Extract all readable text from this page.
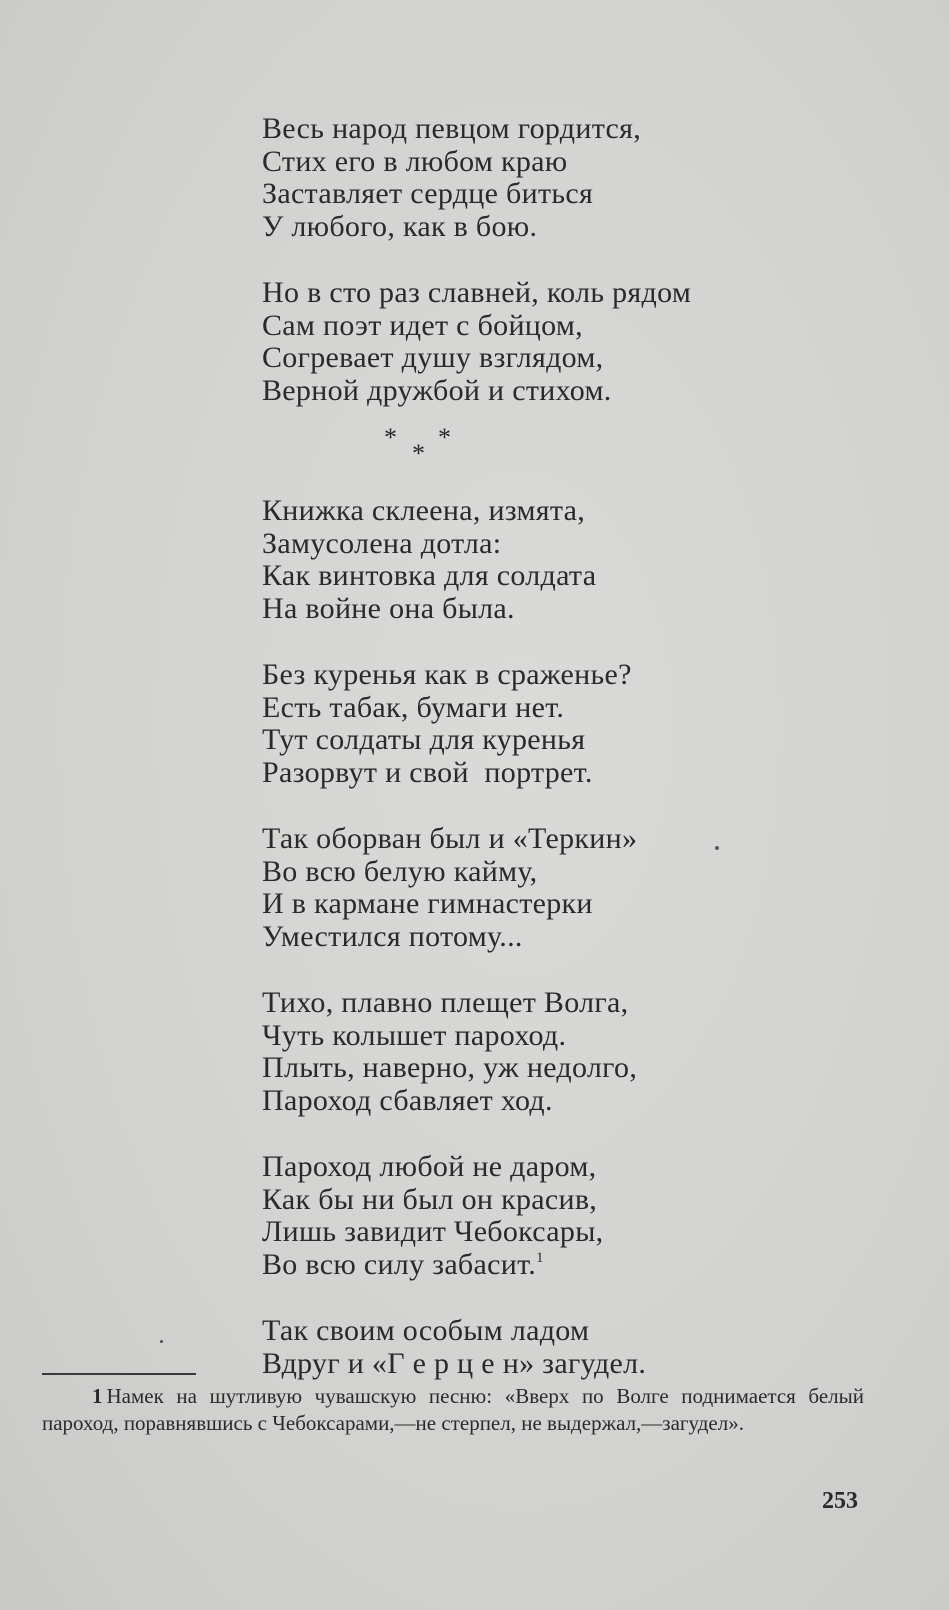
Весь народ певцом гордится,
Стих его в любом краю
Заставляет сердце биться
У любого, как в бою.
Но в сто раз славней, коль рядом
Сам поэт идет с бойцом,
Согревает душу взглядом,
Верной дружбой и стихом.
* *
*
Книжка склеена, измята,
Замусолена дотла:
Как винтовка для солдата
На войне она была.
Без куренья как в сраженье?
Есть табак, бумаги нет.
Тут солдаты для куренья
Разорвут и свой  портрет.
Так оборван был и «Теркин»
Во всю белую кайму,
И в кармане гимнастерки
Уместился потому...
Тихо, плавно плещет Волга,
Чуть колышет пароход.
Плыть, наверно, уж недолго,
Пароход сбавляет ход.
Пароход любой не даром,
Как бы ни был он красив,
Лишь завидит Чебоксары,
Во всю силу забасит.$^1$
Так своим особым ладом
Вдруг и «Г е р ц е н» загудел.
1 Намек на шутливую чувашскую песню: «Вверх по Волге поднимается белый пароход, поравнявшись с Чебоксарами,—не стерпел, не выдержал,—загудел».
253
